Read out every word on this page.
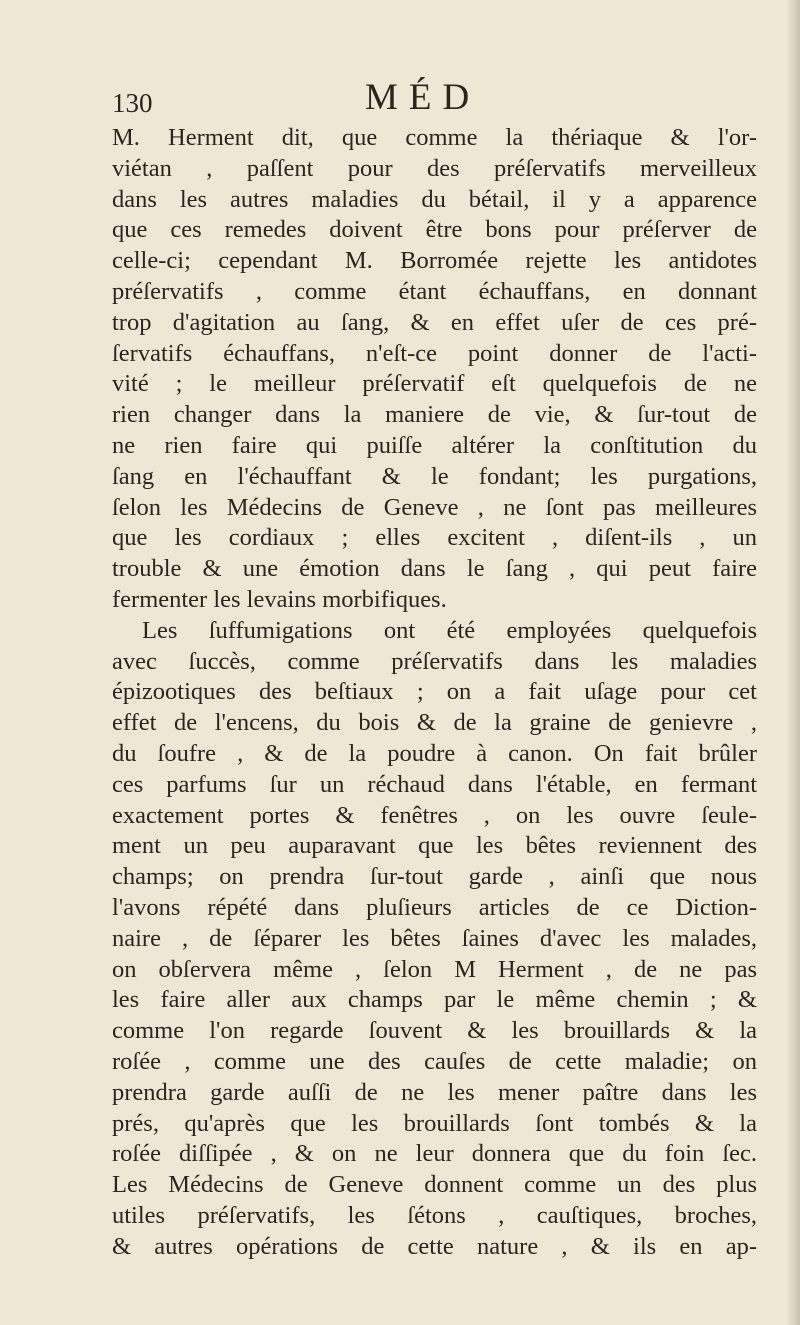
130	MÉD
M. Herment dit, que comme la thériaque & l'or-
viétan , paſſent pour des préſervatifs merveilleux
dans les autres maladies du bétail, il y a apparence
que ces remedes doivent être bons pour préſerver de
celle-ci; cependant M. Borromée rejette les antidotes
préſervatifs , comme étant échauffans, en donnant
trop d'agitation au ſang, & en effet uſer de ces pré-
ſervatifs échauffans, n'eſt-ce point donner de l'acti-
vité ; le meilleur préſervatif eſt quelquefois de ne
rien changer dans la maniere de vie, & ſur-tout de
ne rien faire qui puiſſe altérer la conſtitution du
ſang en l'échauffant & le fondant; les purgations,
ſelon les Médecins de Geneve , ne ſont pas meilleures
que les cordiaux ; elles excitent , diſent-ils , un
trouble & une émotion dans le ſang , qui peut faire
fermenter les levains morbifiques.
Les ſuffumigations ont été employées quelquefois
avec ſuccès, comme préſervatifs dans les maladies
épizootiques des beſtiaux ; on a fait uſage pour cet
effet de l'encens, du bois & de la graine de genievre ,
du ſoufre , & de la poudre à canon. On fait brûler
ces parfums ſur un réchaud dans l'étable, en fermant
exactement portes & fenêtres , on les ouvre ſeule-
ment un peu auparavant que les bêtes reviennent des
champs; on prendra ſur-tout garde , ainſi que nous
l'avons répété dans pluſieurs articles de ce Diction-
naire , de ſéparer les bêtes ſaines d'avec les malades,
on obſervera même , ſelon M Herment , de ne pas
les faire aller aux champs par le même chemin ; &
comme l'on regarde ſouvent & les brouillards & la
roſée , comme une des cauſes de cette maladie; on
prendra garde auſſi de ne les mener paître dans les
prés, qu'après que les brouillards ſont tombés & la
roſée diſſipée , & on ne leur donnera que du foin ſec.
Les Médecins de Geneve donnent comme un des plus
utiles préſervatifs, les ſétons , cauſtiques, broches,
& autres opérations de cette nature , & ils en ap-
